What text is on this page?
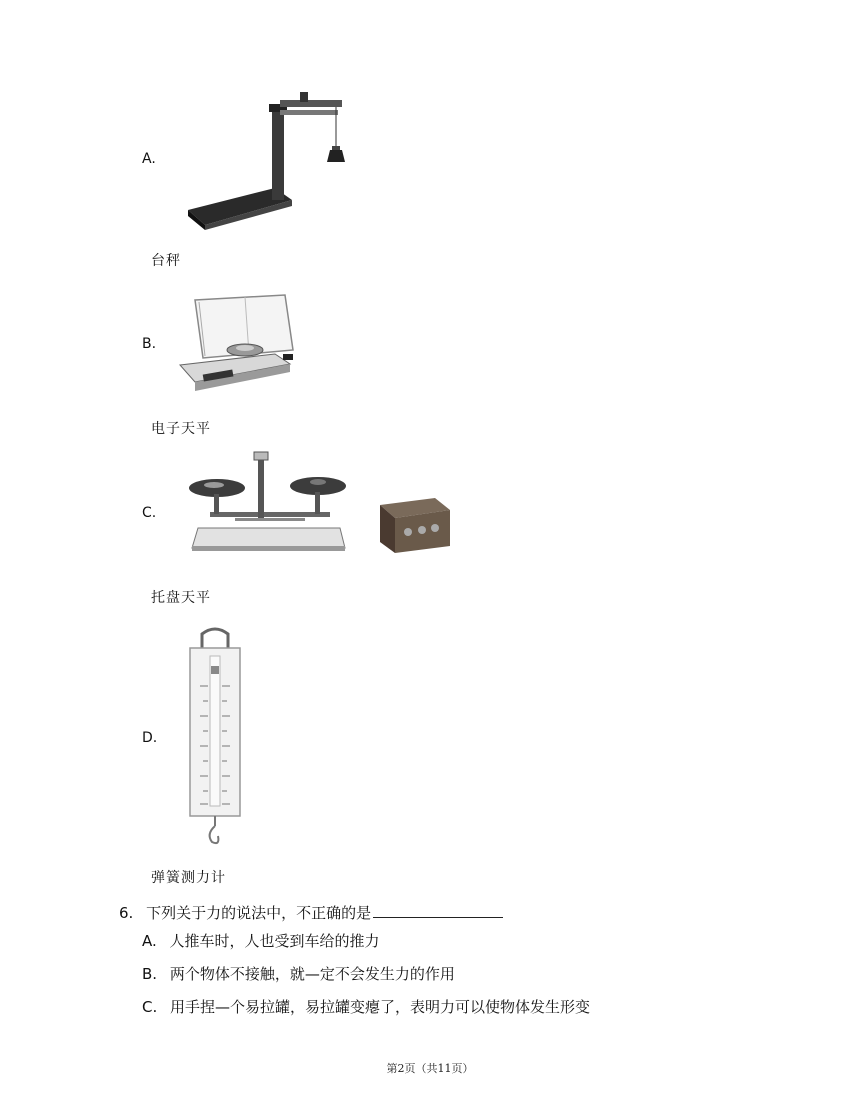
A.
台秤
B.
电子天平
C.
托盘天平
D.
弹簧测力计
6. 下列关于力的说法中，不正确的是
A. 人推车时，人也受到车给的推力
B. 两个物体不接触，就—定不会发生力的作用
C. 用手捏—个易拉罐，易拉罐变瘪了，表明力可以使物体发生形变
第2页（共11页）
